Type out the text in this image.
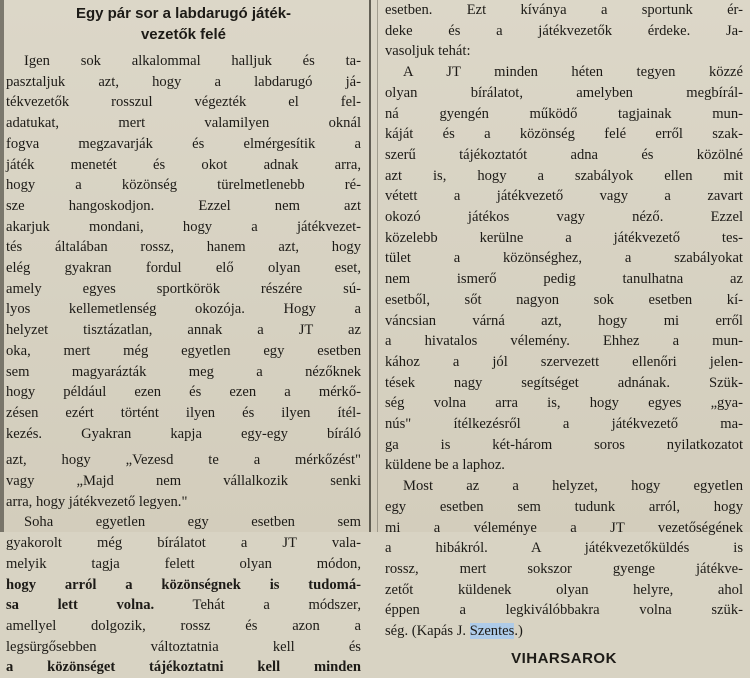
Egy pár sor a labdarugó játék-
vezetők felé
Igen sok alkalommal halljuk és ta-
pasztaljuk azt, hogy a labdarugó já-
tékvezetők rosszul végezték el fel-
adatukat, mert valamilyen oknál
fogva megzavarják és elmérgesítik a
játék menetét és okot adnak arra,
hogy a közönség türelmetlenebb ré-
sze hangoskodjon. Ezzel nem azt
akarjuk mondani, hogy a játékvezet-
tés általában rossz, hanem azt, hogy
elég gyakran fordul elő olyan eset,
amely egyes sportkörök részére sú-
lyos kellemetlenség okozója. Hogy a
helyzet tisztázatlan, annak a JT az
oka, mert még egyetlen egy esetben
sem magyarázták meg a nézőknek
hogy például ezen és ezen a mérkő-
zésen ezért történt ilyen és ilyen ítél-
kezés. Gyakran kapja egy-egy bíráló
azt, hogy „Vezesd te a mérkőzést"
vagy „Majd nem vállalkozik senki
arra, hogy játékvezető legyen."
Soha egyetlen egy esetben sem
gyakorolt még bírálatot a JT vala-
melyik tagja felett olyan módon,
hogy arról a közönségnek is tudomá-
sa lett volna. Tehát a módszer,
amellyel dolgozik, rossz és azon a
legsürgősebben változtatnia kell és
a közönséget tájékoztatni kell minden
esetben. Ezt kíványa a sportunk ér-
deke és a játékvezetők érdeke. Ja-
vasoljuk tehát:
A JT minden héten tegyen közzé
olyan bírálatot, amelyben megbírál-
ná gyengén működő tagjainak mun-
káját és a közönség felé erről szak-
szerű tájékoztatót adna és közölné
azt is, hogy a szabályok ellen mit
vétett a játékvezető vagy a zavart
okozó játékos vagy néző. Ezzel
közelebb kerülne a játékvezető tes-
tület a közönséghez, a szabályokat
nem ismerő pedig tanulhatna az
esetből, sőt nagyon sok esetben kí-
váncsian várná azt, hogy mi erről
a hivatalos vélemény. Ehhez a mun-
kához a jól szervezett ellenőri jelen-
tések nagy segítséget adnának. Szük-
ség volna arra is, hogy egyes „gya-
nús" ítélkezésről a játékvezető ma-
ga is két-három soros nyilatkozatot
küldene be a laphoz.
Most az a helyzet, hogy egyetlen
egy esetben sem tudunk arról, hogy
mi a véleménye a JT vezetőségének
a hibákról. A játékvezetőküldés is
rossz, mert sokszor gyenge játékve-
zetőt küldenek olyan helyre, ahol
éppen a legkiválóbbakra volna szük-
ség. (Kapás J. Szentes.)
VIHARSAROK
